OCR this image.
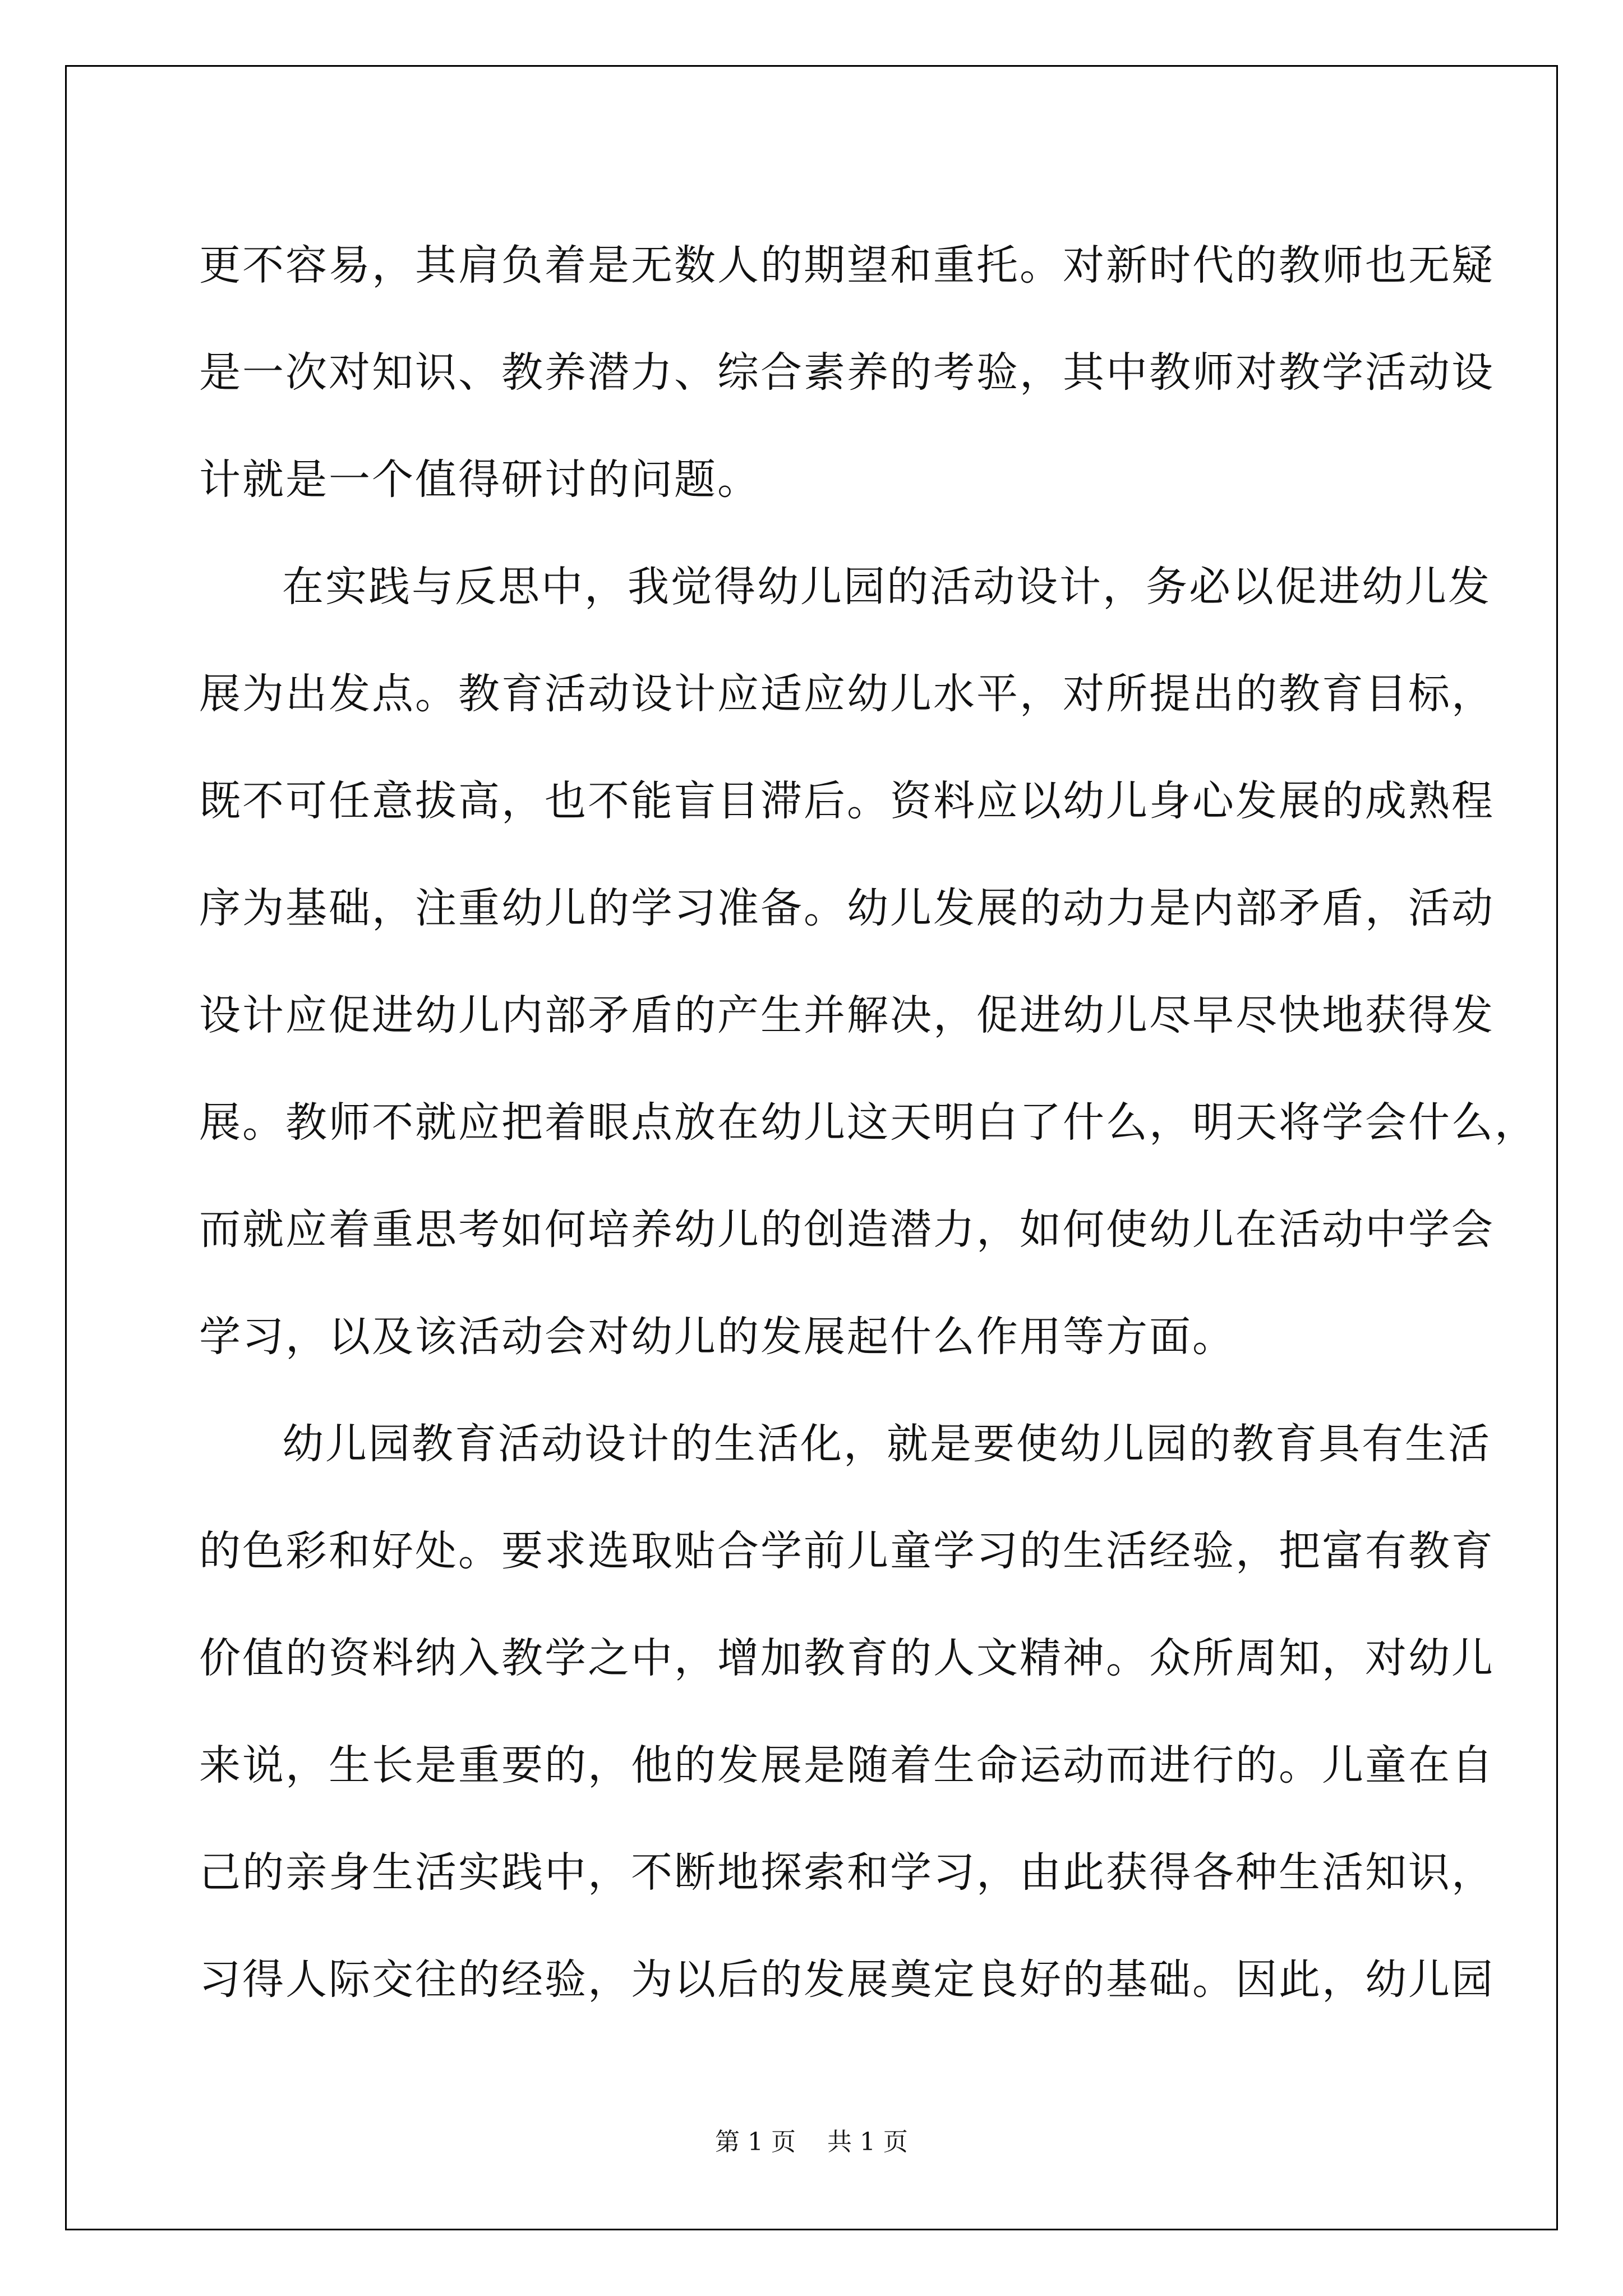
更不容易，其肩负着是无数人的期望和重托。对新时代的教师也无疑
是一次对知识、教养潜力、综合素养的考验，其中教师对教学活动设
计就是一个值得研讨的问题。
在实践与反思中，我觉得幼儿园的活动设计，务必以促进幼儿发
展为出发点。教育活动设计应适应幼儿水平，对所提出的教育目标，
既不可任意拔高，也不能盲目滞后。资料应以幼儿身心发展的成熟程
序为基础，注重幼儿的学习准备。幼儿发展的动力是内部矛盾，活动
设计应促进幼儿内部矛盾的产生并解决，促进幼儿尽早尽快地获得发
展。教师不就应把着眼点放在幼儿这天明白了什么，明天将学会什么，
而就应着重思考如何培养幼儿的创造潜力，如何使幼儿在活动中学会
学习，以及该活动会对幼儿的发展起什么作用等方面。
幼儿园教育活动设计的生活化，就是要使幼儿园的教育具有生活
的色彩和好处。要求选取贴合学前儿童学习的生活经验，把富有教育
价值的资料纳入教学之中，增加教育的人文精神。众所周知，对幼儿
来说，生长是重要的，他的发展是随着生命运动而进行的。儿童在自
己的亲身生活实践中，不断地探索和学习，由此获得各种生活知识，
习得人际交往的经验，为以后的发展奠定良好的基础。因此，幼儿园
第 1 页    共 1 页
